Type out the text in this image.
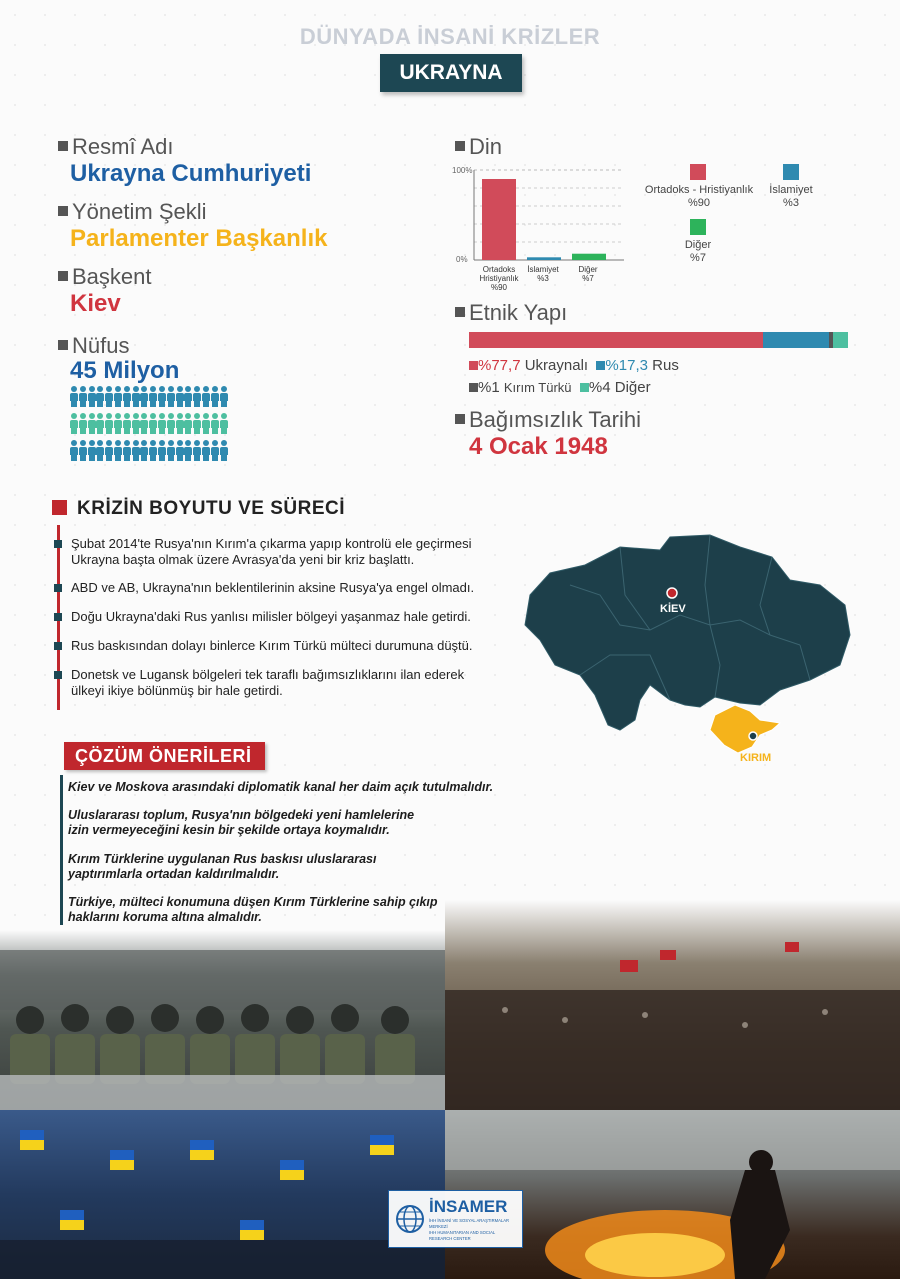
DÜNYADA İNSANİ KRİZLER
UKRAYNA
Resmî Adı
Ukrayna Cumhuriyeti
Yönetim Şekli
Parlamenter Başkanlık
Başkent
Kiev
Nüfus
45 Milyon
Din
100%
0%
Ortadoks
Hristiyanlık
%90
İslamiyet
%3
Diğer
%7
Ortadoks - Hristiyanlık
%90
İslamiyet
%3
Diğer
%7
Etnik Yapı
%77,7 Ukraynalı %17,3 Rus
%1 Kırım Türkü %4 Diğer
Bağımsızlık Tarihi
4 Ocak 1948
KRİZİN BOYUTU VE SÜRECİ
Şubat 2014'te Rusya'nın Kırım'a çıkarma yapıp kontrolü ele geçirmesi
Ukrayna başta olmak üzere Avrasya'da yeni bir kriz başlattı.
ABD ve AB, Ukrayna'nın beklentilerinin aksine Rusya'ya engel olmadı.
Doğu Ukrayna'daki Rus yanlısı milisler bölgeyi yaşanmaz hale getirdi.
Rus baskısından dolayı binlerce Kırım Türkü mülteci durumuna düştü.
Donetsk ve Lugansk bölgeleri tek taraflı bağımsızlıklarını ilan ederek
ülkeyi ikiye bölünmüş bir hale getirdi.
KİEV
KIRIM
ÇÖZÜM ÖNERİLERİ
Kiev ve Moskova arasındaki diplomatik kanal her daim açık tutulmalıdır.
Uluslararası toplum, Rusya'nın bölgedeki yeni hamlelerine
izin vermeyeceğini kesin bir şekilde ortaya koymalıdır.
Kırım Türklerine uygulanan Rus baskısı uluslararası
yaptırımlarla ortadan kaldırılmalıdır.
Türkiye, mülteci konumuna düşen Kırım Türklerine sahip çıkıp
haklarını koruma altına almalıdır.
İNSAMER
İHH İNSANİ VE SOSYAL ARAŞTIRMALAR MERKEZİ
IHH HUMANITARIAN AND SOCIAL RESEARCH CENTER
